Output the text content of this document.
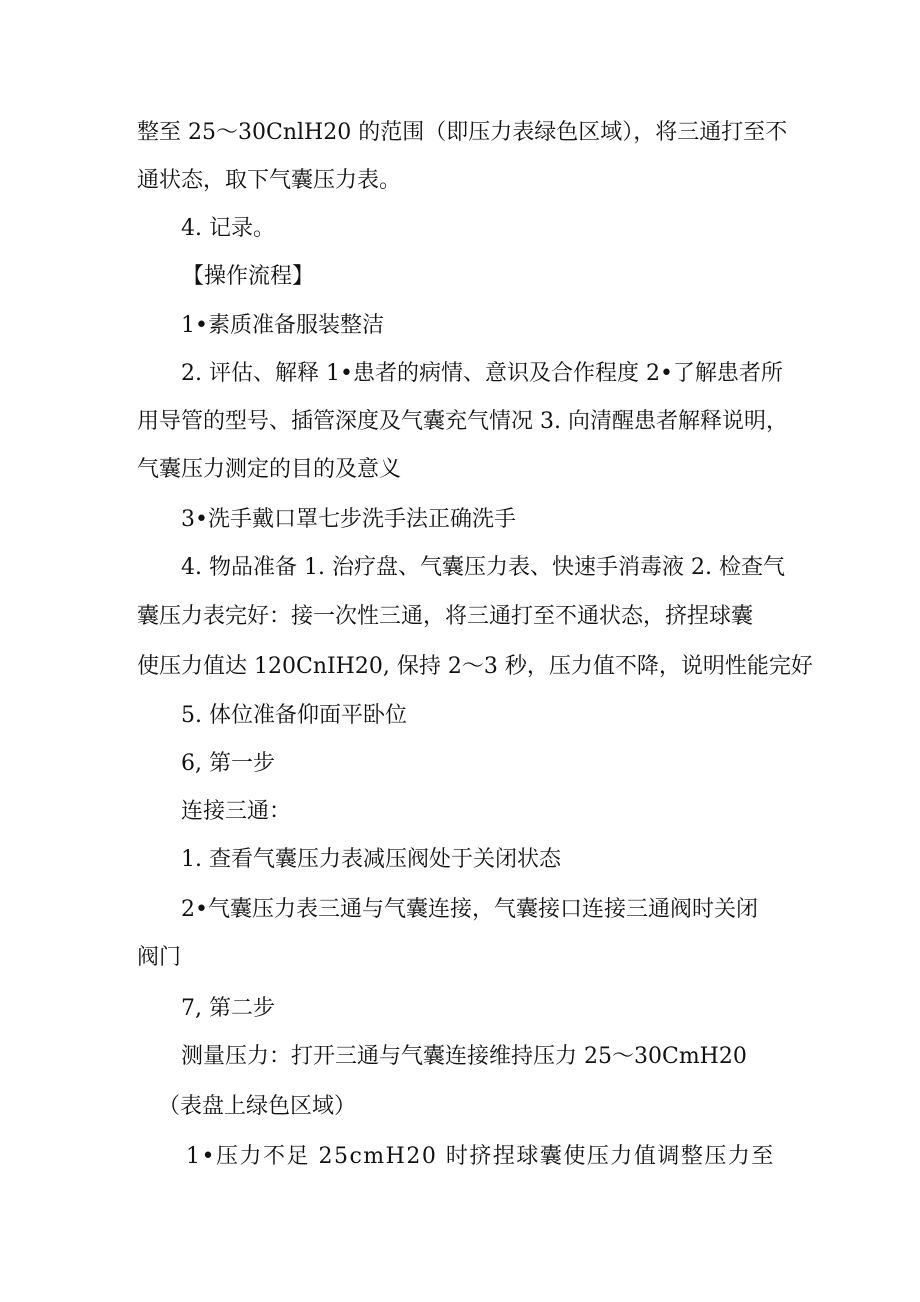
整至 25～30CnlH20 的范围（即压力表绿色区域），将三通打至不
通状态，取下气囊压力表。
4. 记录。
【操作流程】
1•素质准备服装整洁
2. 评估、解释 1•患者的病情、意识及合作程度 2•了解患者所
用导管的型号、插管深度及气囊充气情况 3. 向清醒患者解释说明，
气囊压力测定的目的及意义
3•洗手戴口罩七步洗手法正确洗手
4. 物品准备 1. 治疗盘、气囊压力表、快速手消毒液 2. 检查气
囊压力表完好：接一次性三通，将三通打至不通状态，挤捏球囊
使压力值达 120CnIH20, 保持 2～3 秒，压力值不降，说明性能完好
5. 体位准备仰面平卧位
6, 第一步
连接三通：
1. 查看气囊压力表减压阀处于关闭状态
2•气囊压力表三通与气囊连接，气囊接口连接三通阀时关闭
阀门
7, 第二步
测量压力：打开三通与气囊连接维持压力 25～30CmH20
（表盘上绿色区域）
1•压力不足 25cmH20 时挤捏球囊使压力值调整压力至
